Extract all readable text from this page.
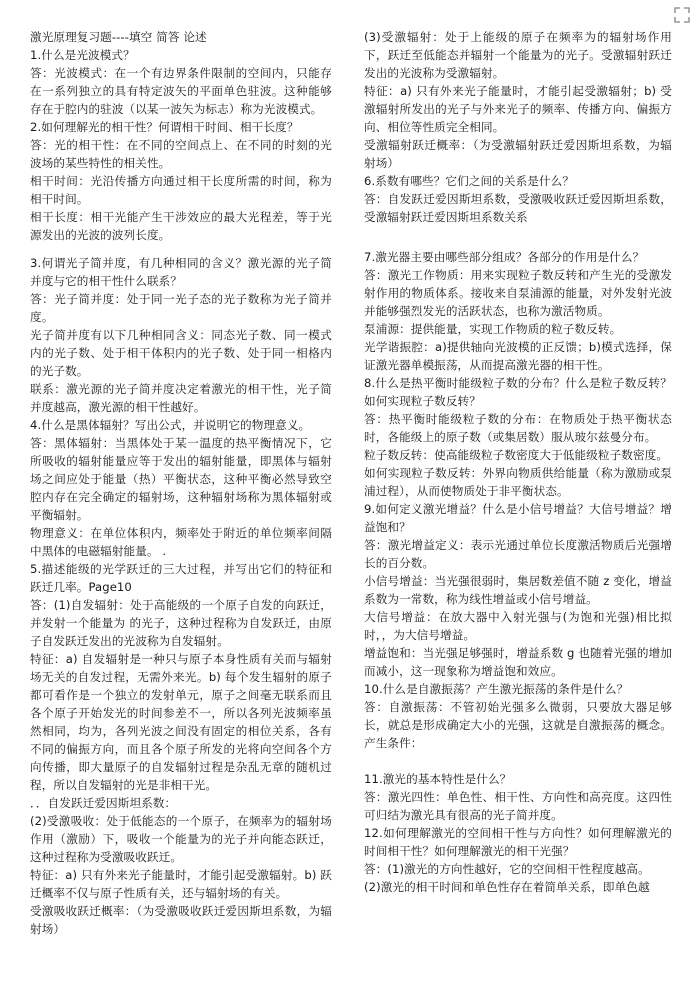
激光原理复习题----填空 简答 论述

1.什么是光波模式？

答：光波模式：在一个有边界条件限制的空间内，只能存在一系列独立的具有特定波矢的平面单色驻波。这种能够存在于腔内的驻波（以某一波矢为标志）称为光波模式。

2.如何理解光的相干性？何谓相干时间、相干长度？

答：光的相干性：在不同的空间点上、在不同的时刻的光波场的某些特性的相关性。

相干时间：光沿传播方向通过相干长度所需的时间，称为相干时间。

相干长度：相干光能产生干涉效应的最大光程差，等于光源发出的光波的波列长度。

3.何谓光子简并度，有几种相同的含义？激光源的光子简并度与它的相干性什么联系？

答：光子简并度：处于同一光子态的光子数称为光子简并度。

光子简并度有以下几种相同含义：同态光子数、同一模式内的光子数、处于相干体积内的光子数、处于同一相格内的光子数。

联系：激光源的光子简并度决定着激光的相干性，光子简并度越高，激光源的相干性越好。

4.什么是黑体辐射？写出公式，并说明它的物理意义。

答：黑体辐射：当黑体处于某一温度的热平衡情况下，它所吸收的辐射能量应等于发出的辐射能量，即黑体与辐射场之间应处于能量（热）平衡状态，这种平衡必然导致空腔内存在完全确定的辐射场，这种辐射场称为黑体辐射或平衡辐射。

物理意义：在单位体积内，频率处于附近的单位频率间隔中黑体的电磁辐射能量。 .

5.描述能级的光学跃迁的三大过程，并写出它们的特征和跃迁几率。Page10

答：(1)自发辐射：处于高能级的一个原子自发的向跃迁，并发射一个能量为 的光子，这种过程称为自发跃迁，由原子自发跃迁发出的光波称为自发辐射。

特征：a) 自发辐射是一种只与原子本身性质有关而与辐射场无关的自发过程，无需外来光。b) 每个发生辐射的原子都可看作是一个独立的发射单元，原子之间毫无联系而且各个原子开始发光的时间参差不一，所以各列光波频率虽然相同，均为，各列光波之间没有固定的相位关系，各有不同的偏振方向，而且各个原子所发的光将向空间各个方向传播，即大量原子的自发辐射过程是杂乱无章的随机过程，所以自发辐射的光是非相干光。

．．自发跃迁爱因斯坦系数：

(2)受激吸收：处于低能态的一个原子，在频率为的辐射场作用（激励）下，吸收一个能量为的光子并向能态跃迁，这种过程称为受激吸收跃迁。

特征：a) 只有外来光子能量时，才能引起受激辐射。b) 跃迁概率不仅与原子性质有关，还与辐射场的有关。

受激吸收跃迁概率：（为受激吸收跃迁爱因斯坦系数，为辐射场）

(3)受激辐射：处于上能级的原子在频率为的辐射场作用下，跃迁至低能态并辐射一个能量为的光子。受激辐射跃迁发出的光波称为受激辐射。

特征：a) 只有外来光子能量时，才能引起受激辐射；b) 受激辐射所发出的光子与外来光子的频率、传播方向、偏振方向、相位等性质完全相同。

受激辐射跃迁概率：（为受激辐射跃迁爱因斯坦系数，为辐射场）

6.系数有哪些？它们之间的关系是什么？

答：自发跃迁爱因斯坦系数，受激吸收跃迁爱因斯坦系数，受激辐射跃迁爱因斯坦系数关系

7.激光器主要由哪些部分组成？各部分的作用是什么？

答：激光工作物质：用来实现粒子数反转和产生光的受激发射作用的物质体系。接收来自泵浦源的能量，对外发射光波并能够强烈发光的活跃状态，也称为激活物质。

泵浦源：提供能量，实现工作物质的粒子数反转。

光学谐振腔：a)提供轴向光波模的正反馈；b)模式选择，保证激光器单模振荡，从而提高激光器的相干性。

8.什么是热平衡时能级粒子数的分布？什么是粒子数反转？如何实现粒子数反转？

答：热平衡时能级粒子数的分布：在物质处于热平衡状态时，各能级上的原子数（或集居数）服从玻尔兹曼分布。

粒子数反转：使高能级粒子数密度大于低能级粒子数密度。

如何实现粒子数反转：外界向物质供给能量（称为激励或泵浦过程），从而使物质处于非平衡状态。

9.如何定义激光增益？什么是小信号增益？大信号增益？增益饱和？

答：激光增益定义：表示光通过单位长度激活物质后光强增长的百分数。

小信号增益：当光强很弱时，集居数差值不随 z 变化，增益系数为一常数，称为线性增益或小信号增益。

大信号增益：在放大器中入射光强与(为饱和光强)相比拟时，，为大信号增益。

增益饱和：当光强足够强时，增益系数 g 也随着光强的增加而减小，这一现象称为增益饱和效应。

10.什么是自激振荡？产生激光振荡的条件是什么？

答：自激振荡：不管初始光强多么微弱，只要放大器足够长，就总是形成确定大小的光强，这就是自激振荡的概念。产生条件：

11.激光的基本特性是什么？

答：激光四性：单色性、相干性、方向性和高亮度。这四性可归结为激光具有很高的光子简并度。

12.如何理解激光的空间相干性与方向性？如何理解激光的时间相干性？如何理解激光的相干光强？

答：(1)激光的方向性越好，它的空间相干性程度越高。

(2)激光的相干时间和单色性存在着简单关系，即单色越
